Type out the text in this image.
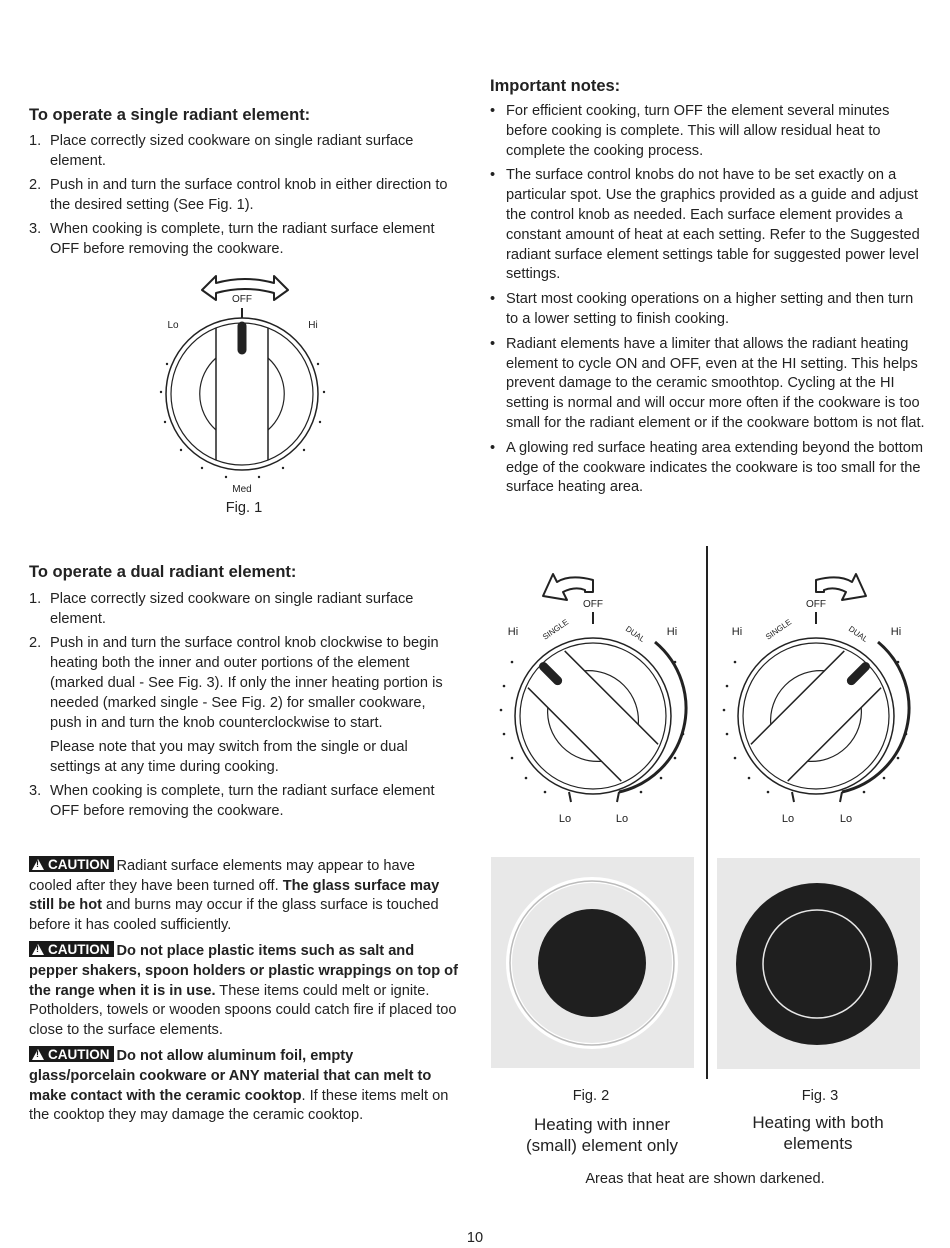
To operate a single radiant element:
1. Place correctly sized cookware on single radiant surface element.
2. Push in and turn the surface control knob in either direction to the desired setting (See Fig. 1).
3. When cooking is complete, turn the radiant surface element OFF before removing the cookware.
OFF
Lo	Hi
Med
Fig. 1
To operate a dual radiant element:
1. Place correctly sized cookware on single radiant surface element.
2. Push in and turn the surface control knob clockwise to begin heating both the inner and outer portions of the element (marked dual - See Fig. 3). If only the inner heating portion is needed (marked single - See Fig. 2) for smaller cookware, push in and turn the knob counterclockwise to start.
Please note that you may switch from the single or dual settings at any time during cooking.
3. When cooking is complete, turn the radiant surface element OFF before removing the cookware.
!CAUTION Radiant surface elements may appear to have cooled after they have been turned off. The glass surface may still be hot and burns may occur if the glass surface is touched before it has cooled sufficiently.
!CAUTION Do not place plastic items such as salt and pepper shakers, spoon holders or plastic wrappings on top of the range when it is in use. These items could melt or ignite. Potholders, towels or wooden spoons could catch fire if placed too close to the surface elements.
!CAUTION Do not allow aluminum foil, empty glass/porcelain cookware or ANY material that can melt to make contact with the ceramic cooktop. If these items melt on the cooktop they may damage the ceramic cooktop.
Important notes:
• For efficient cooking, turn OFF the element several minutes before cooking is complete. This will allow residual heat to complete the cooking process.
• The surface control knobs do not have to be set exactly on a particular spot. Use the graphics provided as a guide and adjust the control knob as needed. Each surface element provides a constant amount of heat at each setting. Refer to the Suggested radiant surface element settings table for suggested power level settings.
• Start most cooking operations on a higher setting and then turn to a lower setting to finish cooking.
• Radiant elements have a limiter that allows the radiant heating element to cycle ON and OFF, even at the HI setting. This helps prevent damage to the ceramic smoothtop. Cycling at the HI setting is normal and will occur more often if the cookware is too small for the radiant element or if the cookware bottom is not flat.
• A glowing red surface heating area extending beyond the bottom edge of the cookware indicates the cookware is too small for the surface heating area.
OFF
Hi	Hi
SINGLE	DUAL
Lo	Lo
OFF
Hi	Hi
SINGLE	DUAL
Lo	Lo
Fig. 2	Fig. 3
Heating with inner
(small) element only
Heating with both
elements
Areas that heat are shown darkened.
10
